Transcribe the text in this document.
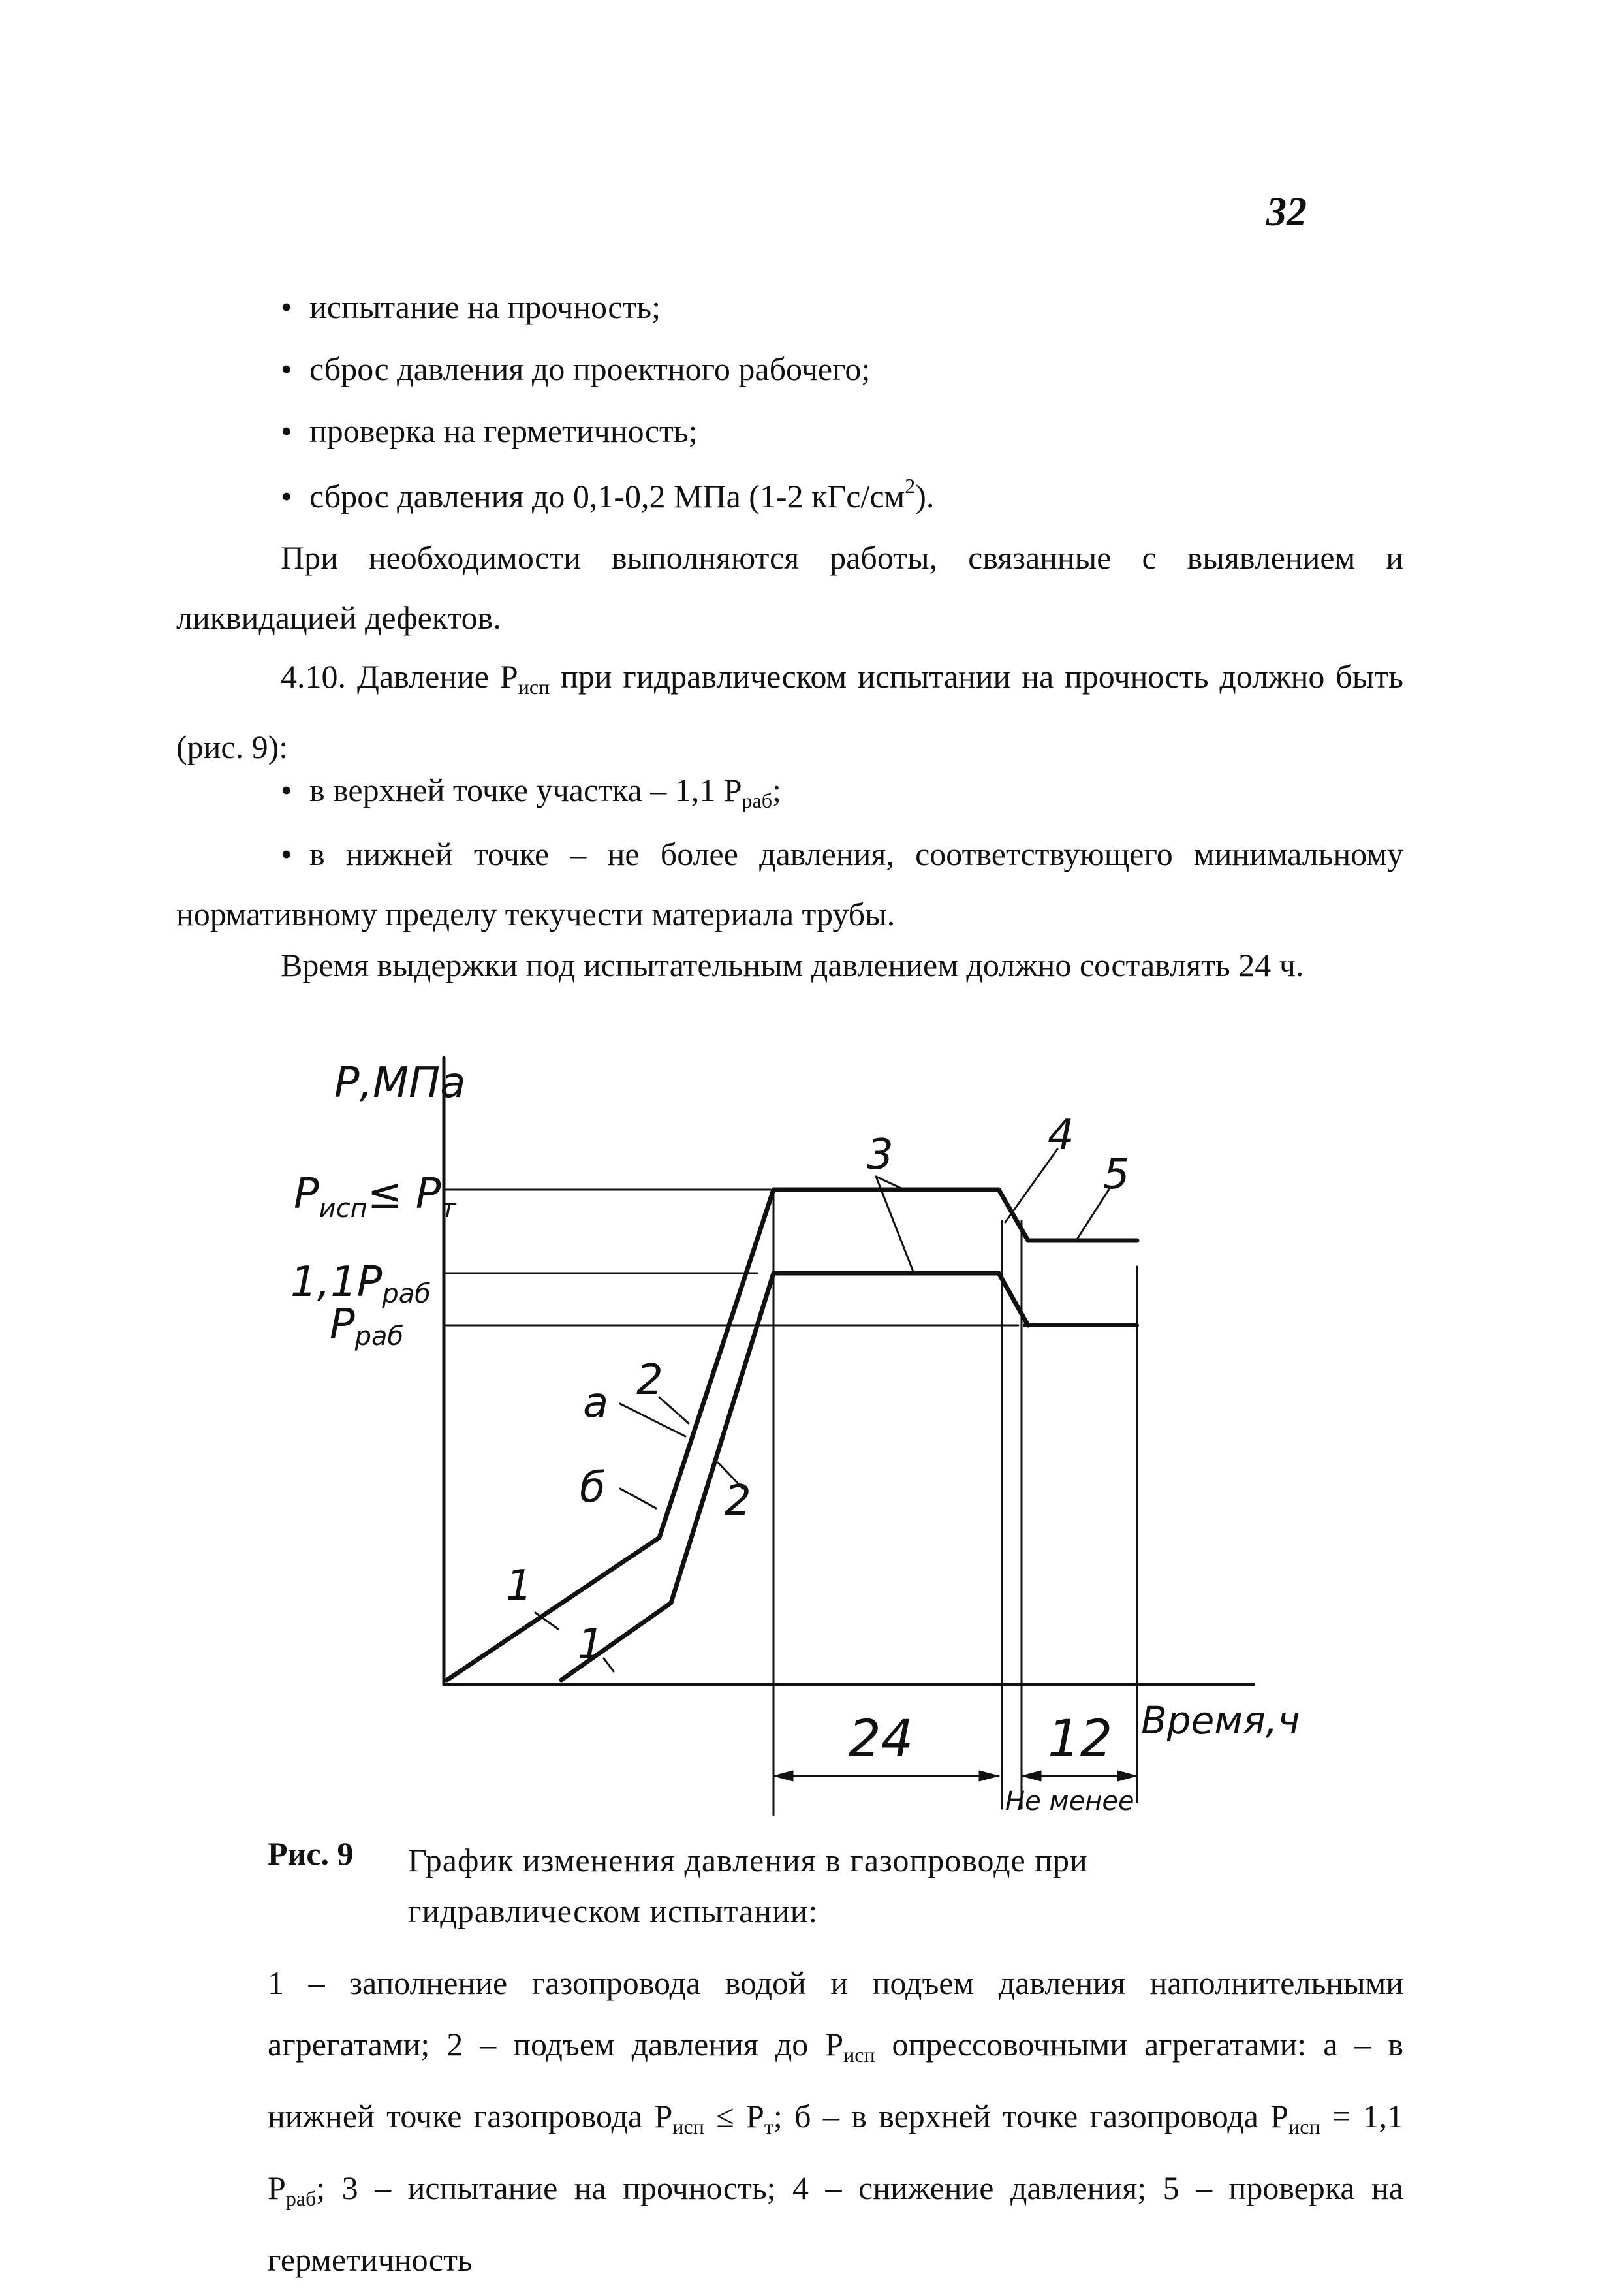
32
• испытание на прочность;
• сброс давления до проектного рабочего;
• проверка на герметичность;
• сброс давления до 0,1-0,2 МПа (1-2 кГс/$см^2$).
При необходимости выполняются работы, связанные с выявлением и ликвидацией дефектов.
4.10. Давление $Р_{исп}$ при гидравлическом испытании на прочность должно быть (рис. 9):
• в верхней точке участка – 1,1 $Р_{раб}$;
• в нижней точке – не более давления, соответствующего минимальному нормативному пределу текучести материала трубы.
Время выдержки под испытательным давлением должно составлять 24 ч.
Р,МПа
Время,ч
$Р_{исп}\le Р_т$
1,1Рраб
Рраб
3	4
5
2
а
б	2
1
1
24	12
Не менее
Рис. 9 График изменения давления в газопроводе при гидравлическом испытании:
1 – заполнение газопровода водой и подъем давления наполнительными агрегатами; 2 – подъем давления до $Р_{исп}$ опрессовочными агрегатами: а – в нижней точке газопровода $Р_{исп} \le Р_т$; б – в верхней точке газопровода $Р_{исп} = 1,1$ $Р_{раб}$; 3 – испытание на прочность; 4 – снижение давления; 5 – проверка на герметичность
